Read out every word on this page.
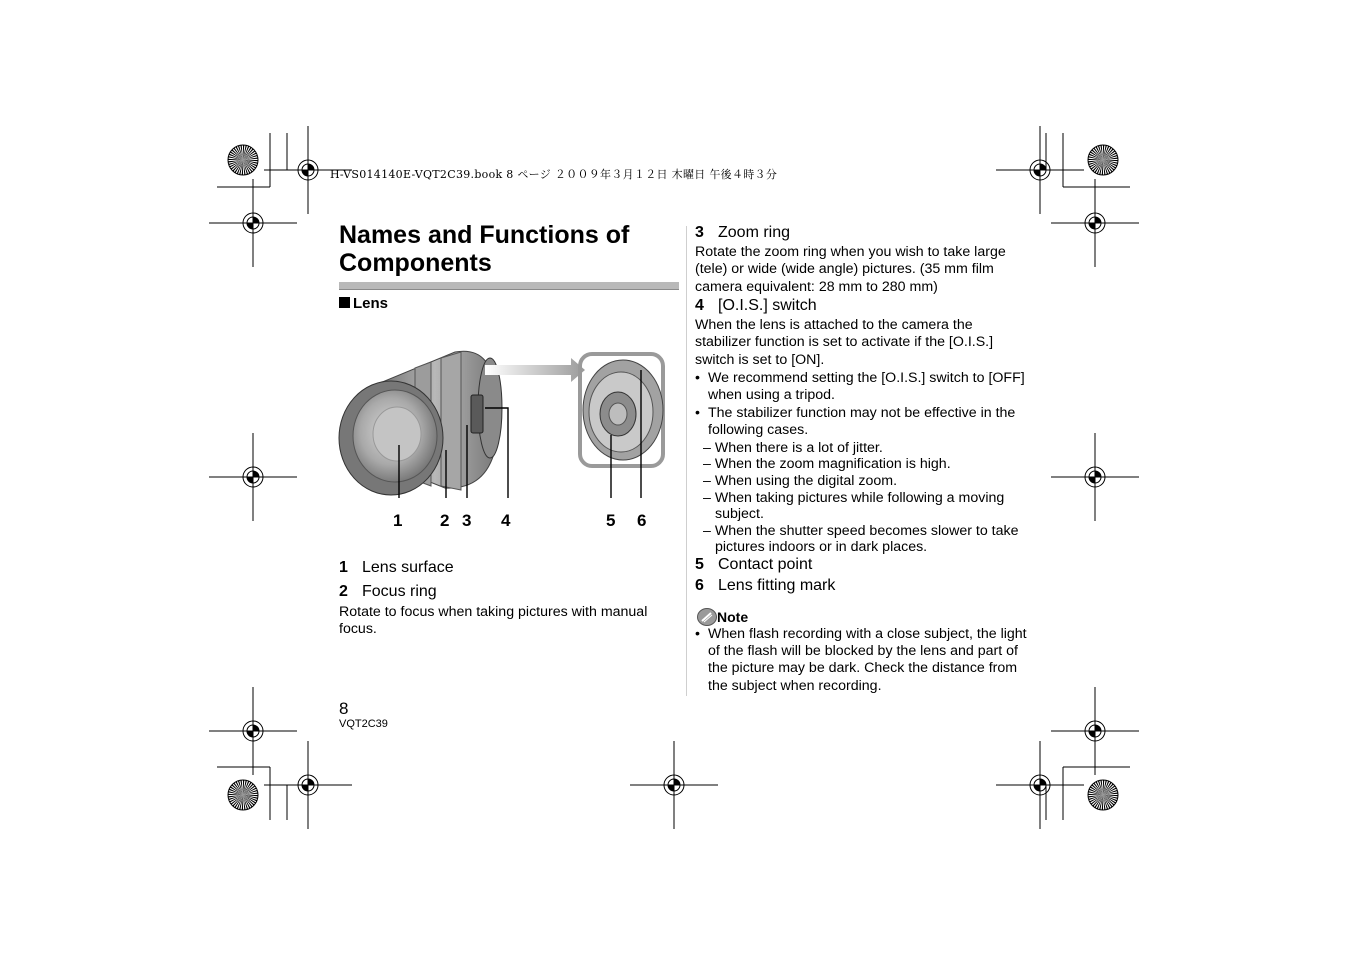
H-VS014140E-VQT2C39.book 8 ページ ２００９年３月１２日 木曜日 午後４時３分
Names and Functions of Components
Lens
1 2 3 4	5 6
1 Lens surface
2 Focus ring
Rotate to focus when taking pictures with manual focus.
3 Zoom ring
Rotate the zoom ring when you wish to take large (tele) or wide (wide angle) pictures. (35 mm film camera equivalent: 28 mm to 280 mm)
4 [O.I.S.] switch
When the lens is attached to the camera the stabilizer function is set to activate if the [O.I.S.] switch is set to [ON].
• We recommend setting the [O.I.S.] switch to [OFF] when using a tripod.
• The stabilizer function may not be effective in the following cases.
– When there is a lot of jitter.
– When the zoom magnification is high.
– When using the digital zoom.
– When taking pictures while following a moving subject.
– When the shutter speed becomes slower to take pictures indoors or in dark places.
5 Contact point
6 Lens fitting mark
Note
• When flash recording with a close subject, the light of the flash will be blocked by the lens and part of the picture may be dark. Check the distance from the subject when recording.
8
VQT2C39
